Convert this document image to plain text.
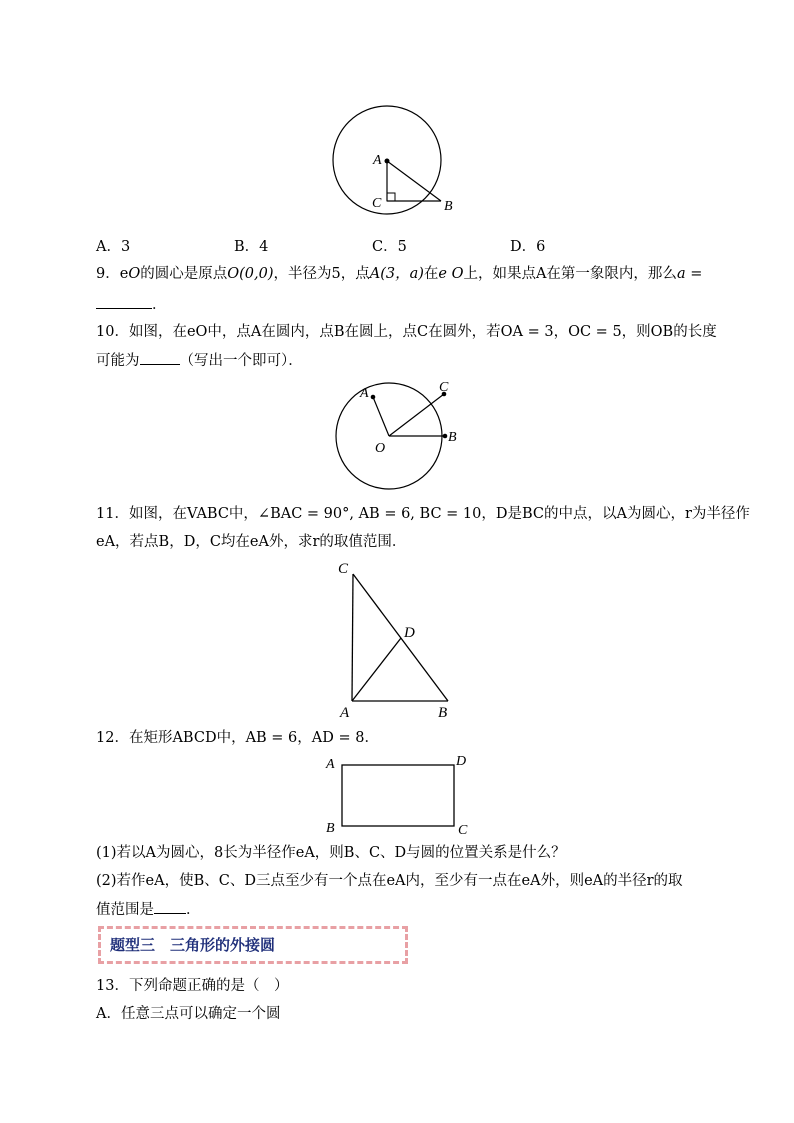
A
C	B
A．3	B．4	C．5	D．6
9．eO的圆心是原点O(0,0)，半径为5，点A(3，a)在e O上，如果点A在第一象限内，那么a =
．
10．如图，在eO中，点A在圆内，点B在圆上，点C在圆外，若OA = 3，OC = 5，则OB的长度
可能为	（写出一个即可）．
A
B
C
O
11．如图，在VABC中，∠BAC = 90°, AB = 6, BC = 10，D是BC的中点，以A为圆心，r为半径作
eA，若点B，D，C均在eA外，求r的取值范围．
C
D
A	B
12．在矩形ABCD中，AB = 6，AD = 8．
A	D
B	C
(1)若以A为圆心，8长为半径作eA，则B、C、D与圆的位置关系是什么？
(2)若作eA，使B、C、D三点至少有一个点在eA内，至少有一点在eA外，则eA的半径r的取
值范围是 ．
题型三　三角形的外接圆
13．下列命题正确的是（　）
A．任意三点可以确定一个圆
